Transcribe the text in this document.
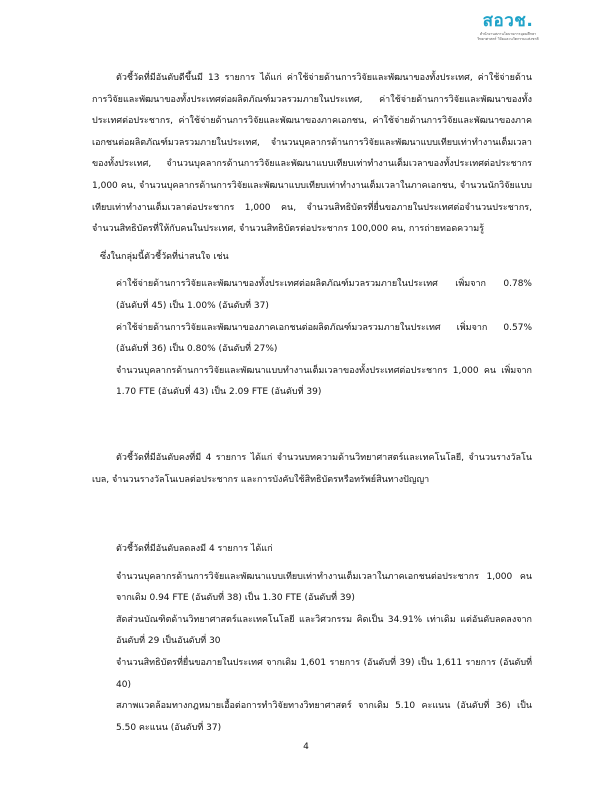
สอวช.
สำนักงานสภานโยบายการอุดมศึกษา
วิทยาศาสตร์ วิจัยและนวัตกรรมแห่งชาติ

ตัวชี้วัดที่มีอันดับดีขึ้นมี 13 รายการ ได้แก่ ค่าใช้จ่ายด้านการวิจัยและพัฒนาของทั้งประเทศ, ค่าใช้จ่ายด้านการวิจัยและพัฒนาของทั้งประเทศต่อผลิตภัณฑ์มวลรวมภายในประเทศ, ค่าใช้จ่ายด้านการวิจัยและพัฒนาของทั้งประเทศต่อประชากร, ค่าใช้จ่ายด้านการวิจัยและพัฒนาของภาคเอกชน, ค่าใช้จ่ายด้านการวิจัยและพัฒนาของภาคเอกชนต่อผลิตภัณฑ์มวลรวมภายในประเทศ, จำนวนบุคลากรด้านการวิจัยและพัฒนาแบบเทียบเท่าทำงานเต็มเวลาของทั้งประเทศ, จำนวนบุคลากรด้านการวิจัยและพัฒนาแบบเทียบเท่าทำงานเต็มเวลาของทั้งประเทศต่อประชากร 1,000 คน, จำนวนบุคลากรด้านการวิจัยและพัฒนาแบบเทียบเท่าทำงานเต็มเวลาในภาคเอกชน, จำนวนนักวิจัยแบบเทียบเท่าทำงานเต็มเวลาต่อประชากร 1,000 คน, จำนวนสิทธิบัตรที่ยื่นขอภายในประเทศต่อจำนวนประชากร, จำนวนสิทธิบัตรที่ให้กับคนในประเทศ, จำนวนสิทธิบัตรต่อประชากร 100,000 คน, การถ่ายทอดความรู้

ซึ่งในกลุ่มนี้ตัวชี้วัดที่น่าสนใจ เช่น

ค่าใช้จ่ายด้านการวิจัยและพัฒนาของทั้งประเทศต่อผลิตภัณฑ์มวลรวมภายในประเทศ เพิ่มจาก 0.78% (อันดับที่ 45) เป็น 1.00% (อันดับที่ 37)
ค่าใช้จ่ายด้านการวิจัยและพัฒนาของภาคเอกชนต่อผลิตภัณฑ์มวลรวมภายในประเทศ เพิ่มจาก 0.57% (อันดับที่ 36) เป็น 0.80% (อันดับที่ 27%)
จำนวนบุคลากรด้านการวิจัยและพัฒนาแบบทำงานเต็มเวลาของทั้งประเทศต่อประชากร 1,000 คน เพิ่มจาก 1.70 FTE (อันดับที่ 43) เป็น 2.09 FTE (อันดับที่ 39)

ตัวชี้วัดที่มีอันดับคงที่มี 4 รายการ ได้แก่ จำนวนบทความด้านวิทยาศาสตร์และเทคโนโลยี, จำนวนรางวัลโนเบล, จำนวนรางวัลโนเบลต่อประชากร และการบังคับใช้สิทธิบัตรหรือทรัพย์สินทางปัญญา

ตัวชี้วัดที่มีอันดับลดลงมี 4 รายการ ได้แก่

จำนวนบุคลากรด้านการวิจัยและพัฒนาแบบเทียบเท่าทำงานเต็มเวลาในภาคเอกชนต่อประชากร 1,000 คน จากเดิม 0.94 FTE (อันดับที่ 38) เป็น 1.30 FTE (อันดับที่ 39)
สัดส่วนบัณฑิตด้านวิทยาศาสตร์และเทคโนโลยี และวิศวกรรม คิดเป็น 34.91% เท่าเดิม แต่อันดับลดลงจาก อันดับที่ 29 เป็นอันดับที่ 30
จำนวนสิทธิบัตรที่ยื่นขอภายในประเทศ จากเดิม 1,601 รายการ (อันดับที่ 39) เป็น 1,611 รายการ (อันดับที่ 40)
สภาพแวดล้อมทางกฎหมายเอื้อต่อการทำวิจัยทางวิทยาศาสตร์ จากเดิม 5.10 คะแนน (อันดับที่ 36) เป็น 5.50 คะแนน (อันดับที่ 37)
4
